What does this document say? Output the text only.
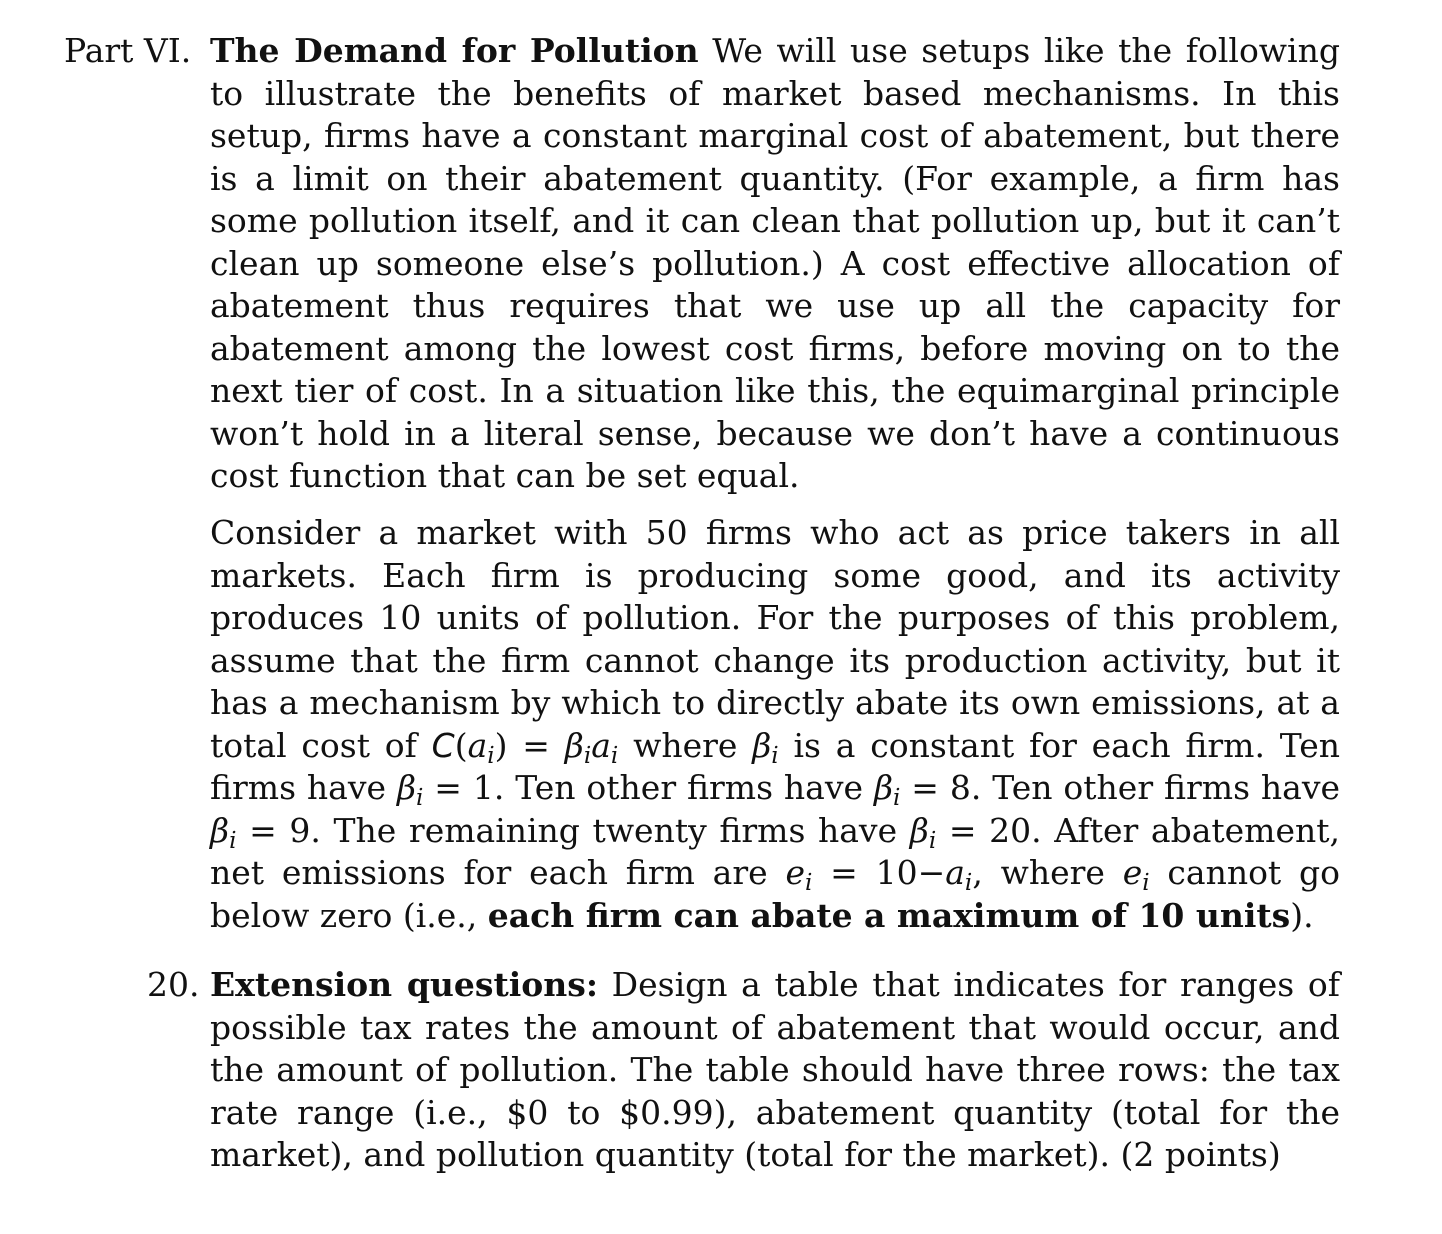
Part VI. The Demand for Pollution We will use setups like the following to illustrate the benefits of market based mechanisms. In this setup, firms have a constant marginal cost of abatement, but there is a limit on their abatement quantity. (For example, a firm has some pollution itself, and it can clean that pollution up, but it can’t clean up someone else’s pollution.) A cost effective allocation of abatement thus requires that we use up all the capacity for abatement among the lowest cost firms, before moving on to the next tier of cost. In a situation like this, the equimarginal principle won’t hold in a literal sense, because we don’t have a continuous cost function that can be set equal.
Consider a market with 50 firms who act as price takers in all markets. Each firm is producing some good, and its activity produces 10 units of pollution. For the purposes of this problem, assume that the firm cannot change its production activity, but it has a mechanism by which to directly abate its own emissions, at a total cost of $C(a_i) = \beta_ia_i$ where $\beta_i$ is a constant for each firm. Ten firms have $\beta_i = 1$. Ten other firms have $\beta_i = 8$. Ten other firms have $\beta_i = 9$. The remaining twenty firms have $\beta_i = 20$. After abatement, net emissions for each firm are $e_i = 10-a_i$, where $e_i$ cannot go below zero (i.e., each firm can abate a maximum of 10 units).
20. Extension questions: Design a table that indicates for ranges of possible tax rates the amount of abatement that would occur, and the amount of pollution. The table should have three rows: the tax rate range (i.e., $0 to $0.99), abatement quantity (total for the market), and pollution quantity (total for the market). (2 points)
